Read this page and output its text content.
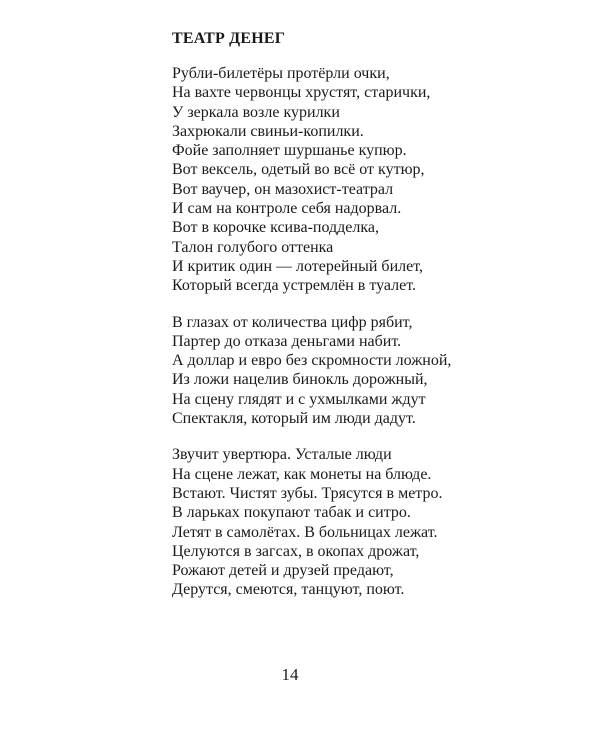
ТЕАТР ДЕНЕГ
Рубли-билетёры протёрли очки,
На вахте червонцы хрустят, старички,
У зеркала возле курилки
Захрюкали свиньи-копилки.
Фойе заполняет шуршанье купюр.
Вот вексель, одетый во всё от кутюр,
Вот ваучер, он мазохист-театрал
И сам на контроле себя надорвал.
Вот в корочке ксива-подделка,
Талон голубого оттенка
И критик один — лотерейный билет,
Который всегда устремлён в туалет.
В глазах от количества цифр рябит,
Партер до отказа деньгами набит.
А доллар и евро без скромности ложной,
Из ложи нацелив бинокль дорожный,
На сцену глядят и с ухмылками ждут
Спектакля, который им люди дадут.
Звучит увертюра. Усталые люди
На сцене лежат, как монеты на блюде.
Встают. Чистят зубы. Трясутся в метро.
В ларьках покупают табак и ситро.
Летят в самолётах. В больницах лежат.
Целуются в загсах, в окопах дрожат,
Рожают детей и друзей предают,
Дерутся, смеются, танцуют, поют.
14
